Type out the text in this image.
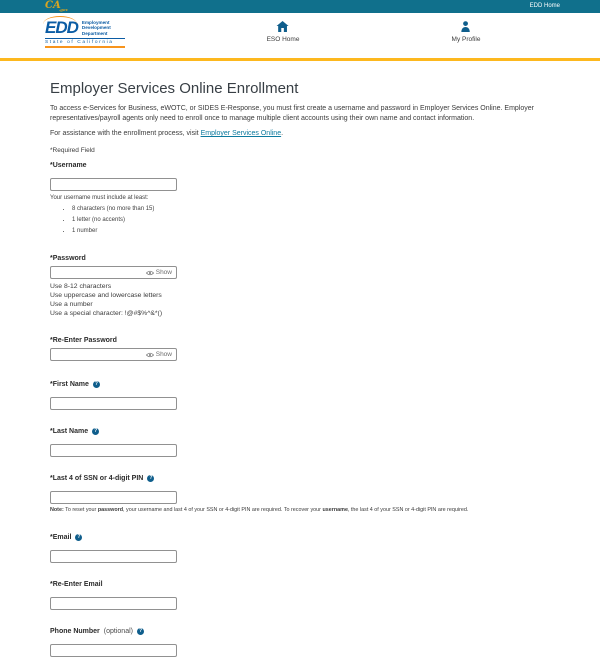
$CA_{.gov}$
EDD Home
EDD Employment
Development
Department
State of California	ESO Home	My Profile
Employer Services Online Enrollment

To access e-Services for Business, eWOTC, or SIDES E-Response, you must first create a username and password in Employer Services Online. Employer representatives/payroll agents only need to enroll once to manage multiple client accounts using their own name and contact information.

For assistance with the enrollment process, visit Employer Services Online.

*Required Field
*Username
Your username must include at least:
• 8 characters (no more than 15)
• 1 letter (no accents)
• 1 number
*Password
Show
Use 8-12 characters
Use uppercase and lowercase letters
Use a number
Use a special character: !@#$%^&*()
*Re-Enter Password
Show
*First Name	?
*Last Name	?
*Last 4 of SSN or 4-digit PIN	?
Note: To reset your password, your username and last 4 of your SSN or 4-digit PIN are required. To recover your username, the last 4 of your SSN or 4-digit PIN are required.
*Email	?
*Re-Enter Email
Phone Number (optional)	?
